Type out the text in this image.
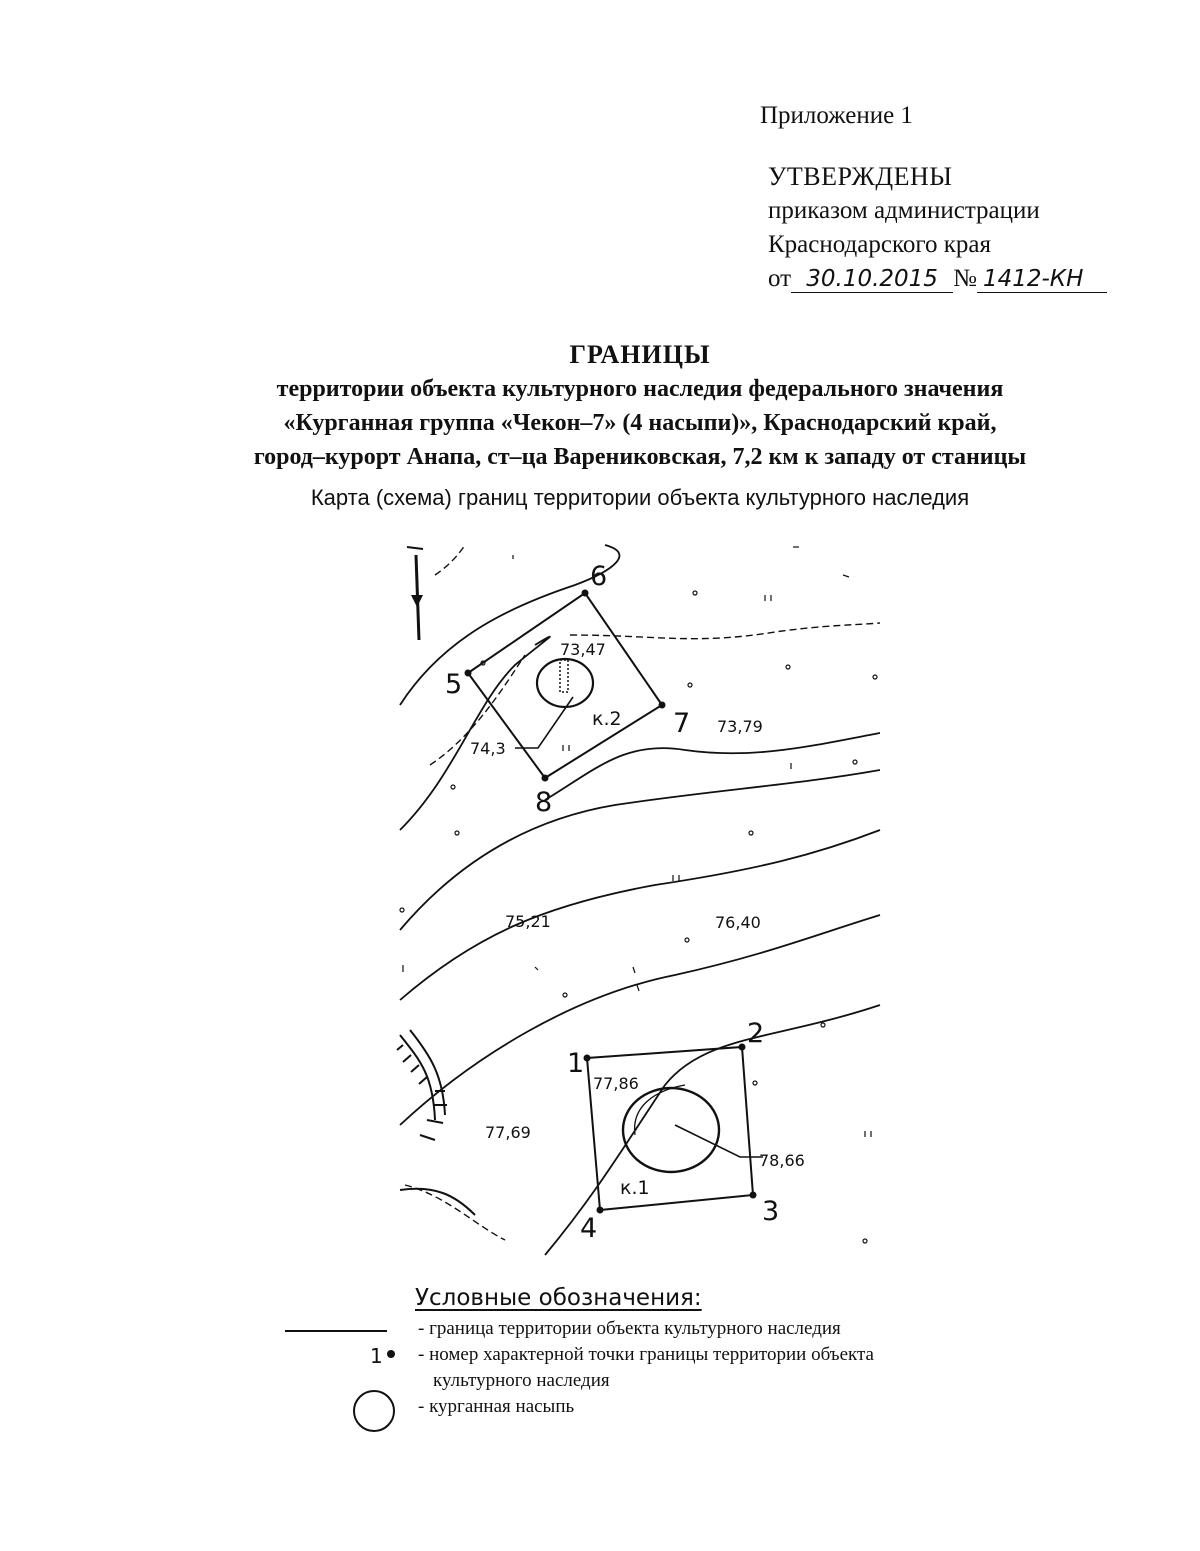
Приложение 1
УТВЕРЖДЕНЫ
приказом администрации
Краснодарского края
от 30.10.2015 № 1412-КН
ГРАНИЦЫ
территории объекта культурного наследия федерального значения
«Курганная группа «Чекон–7» (4 насыпи)», Краснодарский край,
город–курорт Анапа, ст–ца Варениковская, 7,2 км к западу от станицы
Карта (схема) границ территории объекта культурного наследия
1
2
3
4
5
6
7
8
к.1
к.2
73,47
74,3
73,79
75,21	76,40
77,86
77,69
78,66
Условные обозначения:
- граница территории объекта культурного наследия
1	- номер характерной точки границы территории объекта
культурного наследия
- курганная насыпь
